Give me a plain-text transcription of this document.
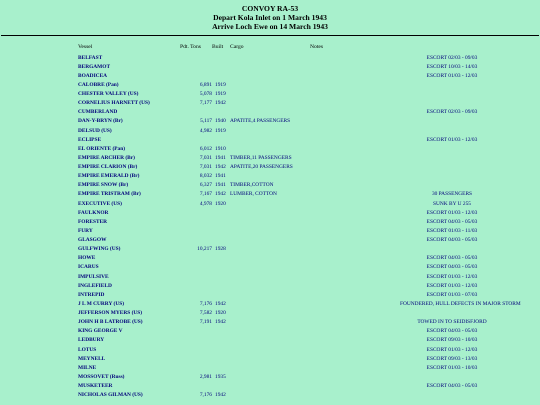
CONVOY RA-53
Depart Kola Inlet on 1 March 1943
Arrive Loch Ewe on 14 March 1943
Vessel	Pdt. Tons Built Cargo	Notes
BELFAST	ESCORT 02/03 - 09/03
BERGAMOT	ESCORT 10/03 - 14/03
BOADICEA	ESCORT 01/03 - 12/03
CALOBRE (Pan)	6,891 1919
CHESTER VALLEY (US)	5,078 1919
CORNELIUS HARNETT (US)	7,177 1942
CUMBERLAND	ESCORT 02/03 - 09/03
DAN-Y-BRYN (Br)	5,117 1940 APATITE,4 PASSENGERS
DELSUD (US)	4,982 1919
ECLIPSE	ESCORT 01/03 - 12/03
EL ORIENTE (Pan)	6,012 1910
EMPIRE ARCHER (Br)	7,031 1941 TIMBER,11 PASSENGERS
EMPIRE CLARION (Br)	7,031 1942 APATITE,20 PASSENGERS
EMPIRE EMERALD (Br)	8,032 1941
EMPIRE SNOW (Br)	6,327 1941 TIMBER,COTTON
EMPIRE TRISTRAM (Br)	7,167 1942 LUMBER, COTTON	30 PASSENGERS
EXECUTIVE (US)	4,978 1920	SUNK BY U 255
FAULKNOR	ESCORT 01/03 - 12/03
FORESTER	ESCORT 04/03 - 05/03
FURY	ESCORT 01/03 - 11/03
GLASGOW	ESCORT 04/03 - 05/03
GULFWING (US)	10,217 1928
HOWE	ESCORT 04/03 - 05/03
ICARUS	ESCORT 04/03 - 05/03
IMPULSIVE	ESCORT 01/03 - 12/03
INGLEFIELD	ESCORT 01/03 - 12/03
INTREPID	ESCORT 01/03 - 07/03
J L M CURRY (US)	7,176 1942	FOUNDERED, HULL DEFECTS IN MAJOR STORM
JEFFERSON MYERS (US)	7,582 1920
JOHN H B LATROBE (US)	7,191 1942	TOWED IN TO SEIDISFJORD
KING GEORGE V	ESCORT 04/03 - 05/03
LEDBURY	ESCORT 09/03 - 10/03
LOTUS	ESCORT 01/03 - 12/03
MEYNELL	ESCORT 09/03 - 13/03
MILNE	ESCORT 01/03 - 10/03
MOSSOVET (Russ)	2,981 1935
MUSKETEER	ESCORT 04/03 - 05/03
NICHOLAS GILMAN (US)	7,176 1942
